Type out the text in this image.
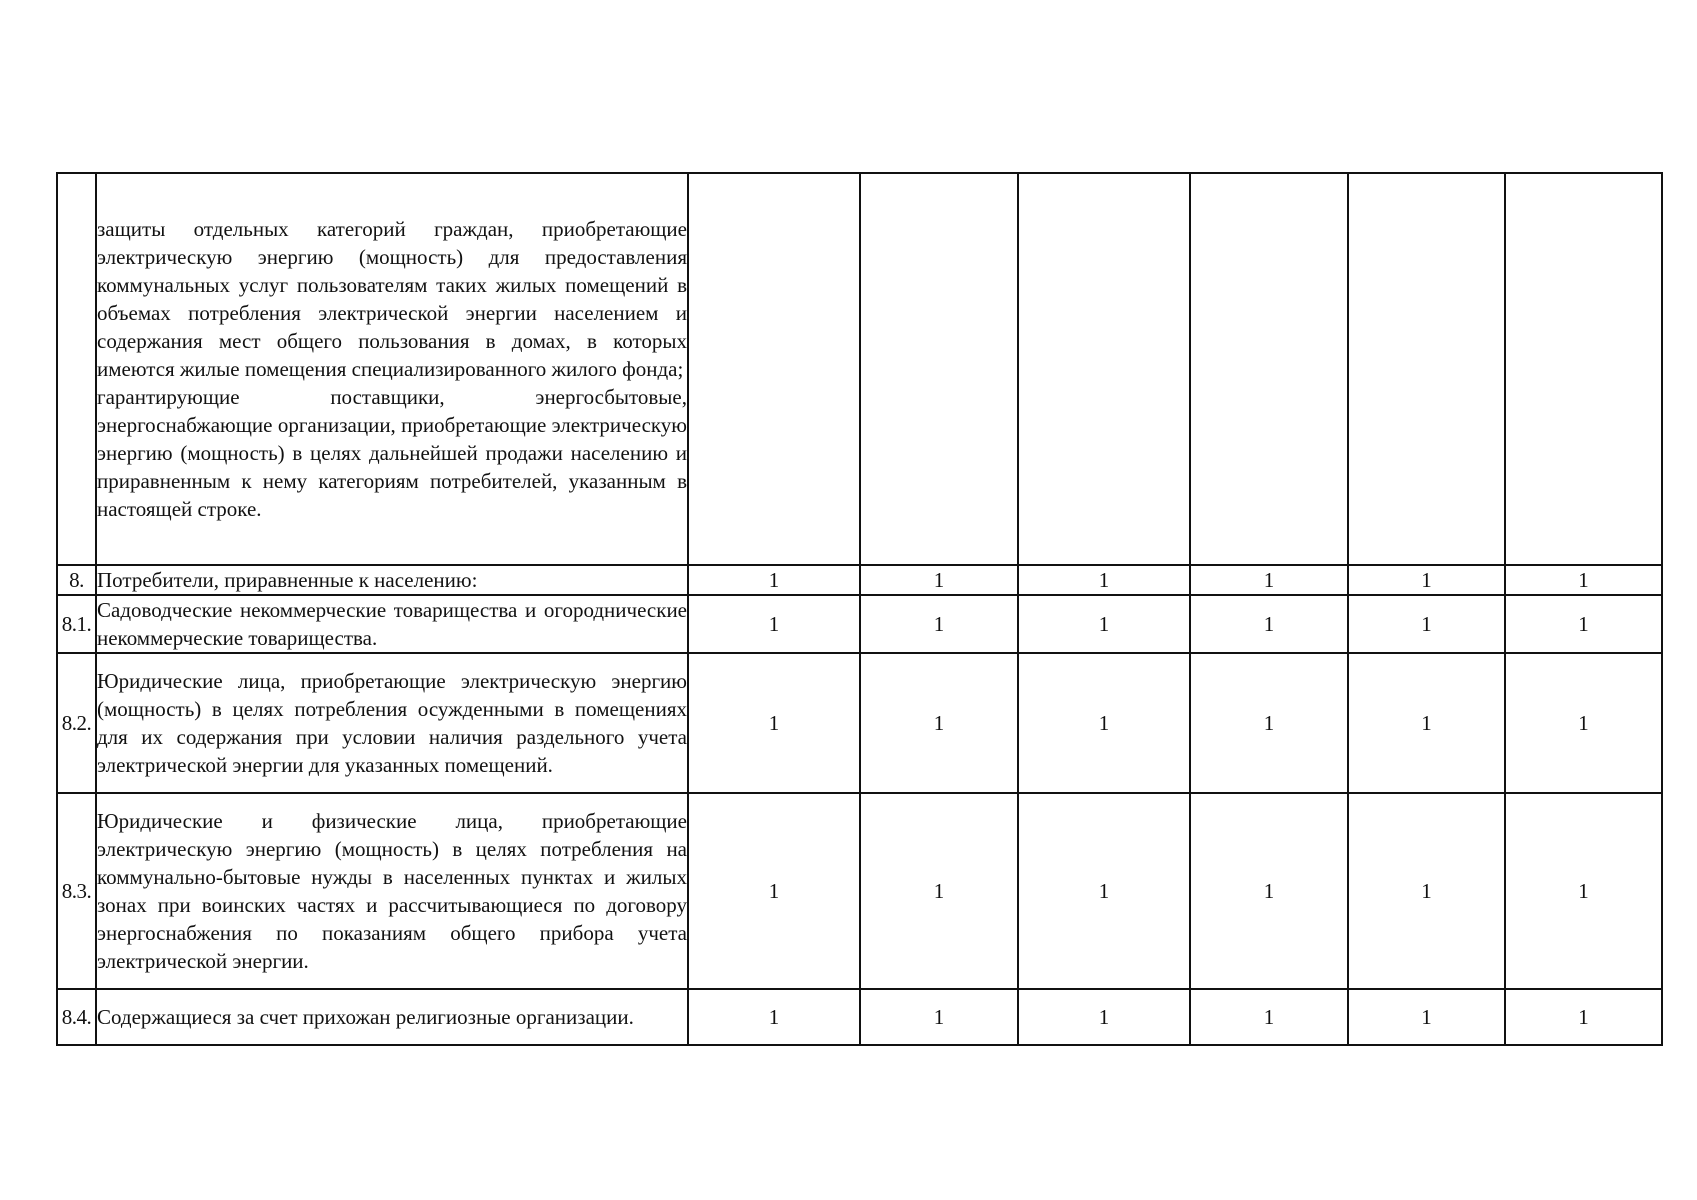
	защиты отдельных категорий граждан, приобретающие электрическую энергию (мощность) для предоставления коммунальных услуг пользователям таких жилых помещений в объемах потребления электрической энергии населением и содержания мест общего пользования в домах, в которых имеются жилые помещения специализированного жилого фонда;
гарантирующие поставщики, энергосбытовые, энергоснабжающие организации, приобретающие электрическую энергию (мощность) в целях дальнейшей продажи населению и приравненным к нему категориям потребителей, указанным в настоящей строке.						

8.	Потребители, приравненные к населению:	1	1	1	1	1	1
8.1.	Садоводческие некоммерческие товарищества и огороднические некоммерческие товарищества.	1	1	1	1	1	1
8.2.	Юридические лица, приобретающие электрическую энергию (мощность) в целях потребления осужденными в помещениях для их содержания при условии наличия раздельного учета электрической энергии для указанных помещений.	1	1	1	1	1	1
8.3.	Юридические и физические лица, приобретающие электрическую энергию (мощность) в целях потребления на коммунально-бытовые нужды в населенных пунктах и жилых зонах при воинских частях и рассчитывающиеся по договору энергоснабжения по показаниям общего прибора учета электрической энергии.	1	1	1	1	1	1
8.4.	Содержащиеся за счет прихожан религиозные организации.	1	1	1	1	1	1
